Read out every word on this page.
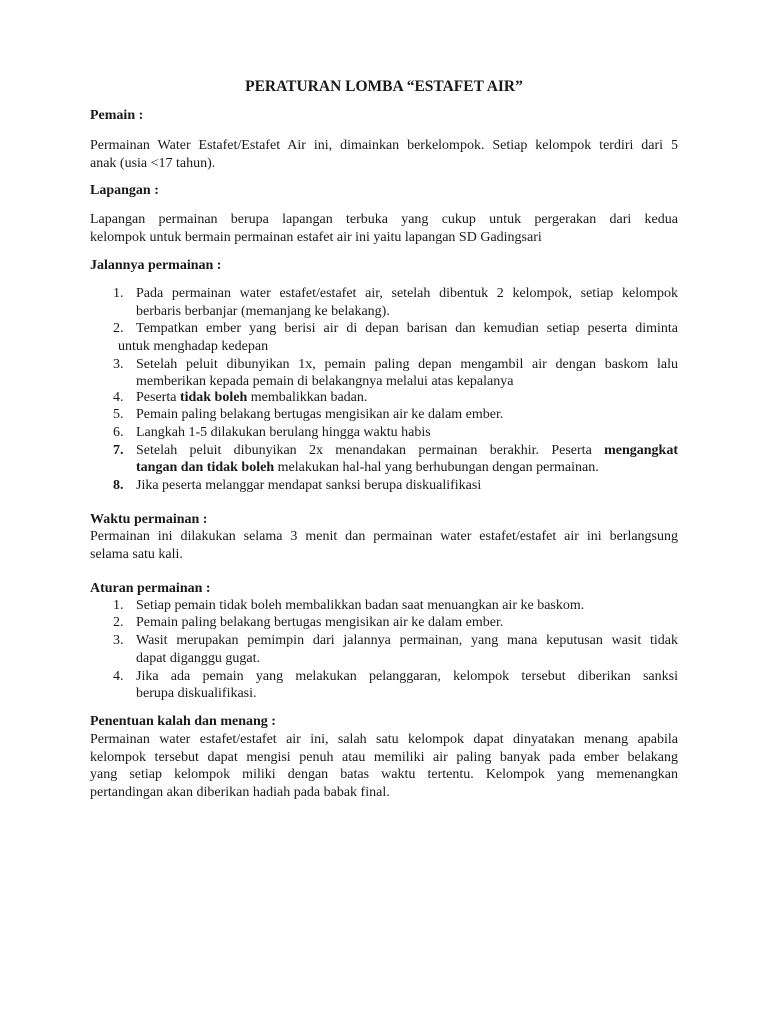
PERATURAN LOMBA “ESTAFET AIR”
Pemain :
Permainan Water Estafet/Estafet Air ini, dimainkan berkelompok. Setiap kelompok terdiri dari 5
anak (usia <17 tahun).
Lapangan :
Lapangan permainan berupa lapangan terbuka yang cukup untuk pergerakan dari kedua
kelompok untuk bermain permainan estafet air ini yaitu lapangan SD Gadingsari
Jalannya permainan :
1. Pada permainan water estafet/estafet air, setelah dibentuk 2 kelompok, setiap kelompok
berbaris berbanjar (memanjang ke belakang).
2. Tempatkan ember yang berisi air di depan barisan dan kemudian setiap peserta diminta
untuk menghadap kedepan
3. Setelah peluit dibunyikan 1x, pemain paling depan mengambil air dengan baskom lalu
memberikan kepada pemain di belakangnya melalui atas kepalanya
4. Peserta tidak boleh membalikkan badan.
5. Pemain paling belakang bertugas mengisikan air ke dalam ember.
6. Langkah 1-5 dilakukan berulang hingga waktu habis
7. Setelah peluit dibunyikan 2x menandakan permainan berakhir. Peserta mengangkat
tangan dan tidak boleh melakukan hal-hal yang berhubungan dengan permainan.
8. Jika peserta melanggar mendapat sanksi berupa diskualifikasi
Waktu permainan :
Permainan ini dilakukan selama 3 menit dan permainan water estafet/estafet air ini berlangsung
selama satu kali.
Aturan permainan :
1. Setiap pemain tidak boleh membalikkan badan saat menuangkan air ke baskom.
2. Pemain paling belakang bertugas mengisikan air ke dalam ember.
3. Wasit merupakan pemimpin dari jalannya permainan, yang mana keputusan wasit tidak
dapat diganggu gugat.
4. Jika ada pemain yang melakukan pelanggaran, kelompok tersebut diberikan sanksi
berupa diskualifikasi.
Penentuan kalah dan menang :
Permainan water estafet/estafet air ini, salah satu kelompok dapat dinyatakan menang apabila
kelompok tersebut dapat mengisi penuh atau memiliki air paling banyak pada ember belakang
yang setiap kelompok miliki dengan batas waktu tertentu. Kelompok yang memenangkan
pertandingan akan diberikan hadiah pada babak final.
